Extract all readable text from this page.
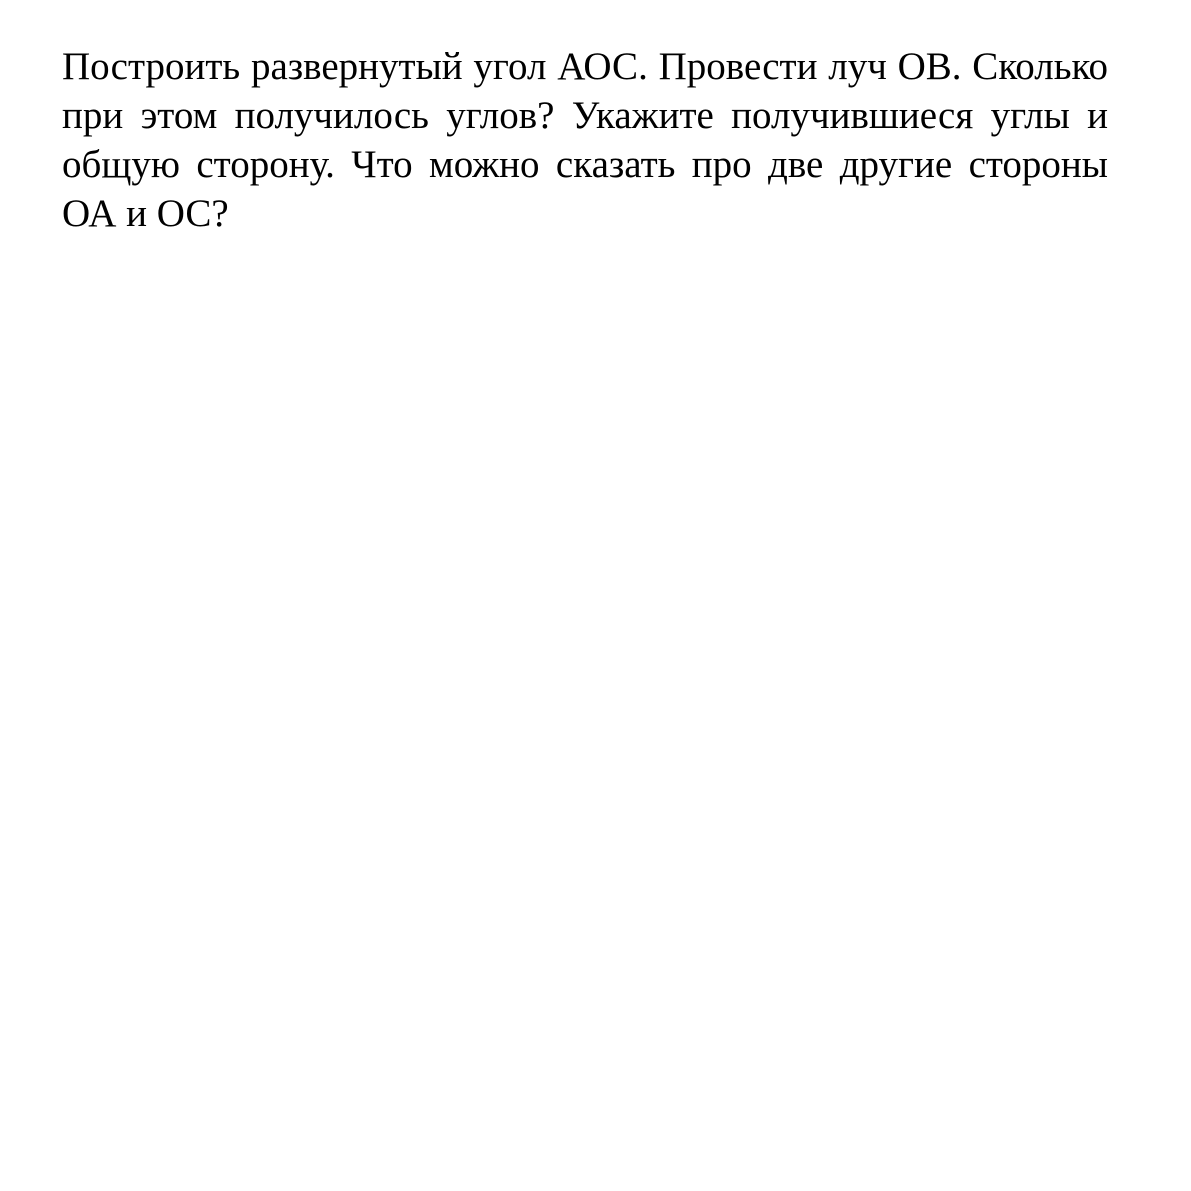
Построить развернутый угол АОС. Провести луч ОВ. Сколько при этом получилось углов? Укажите получившиеся углы и общую сторону. Что можно сказать про две другие стороны ОА и ОС?
